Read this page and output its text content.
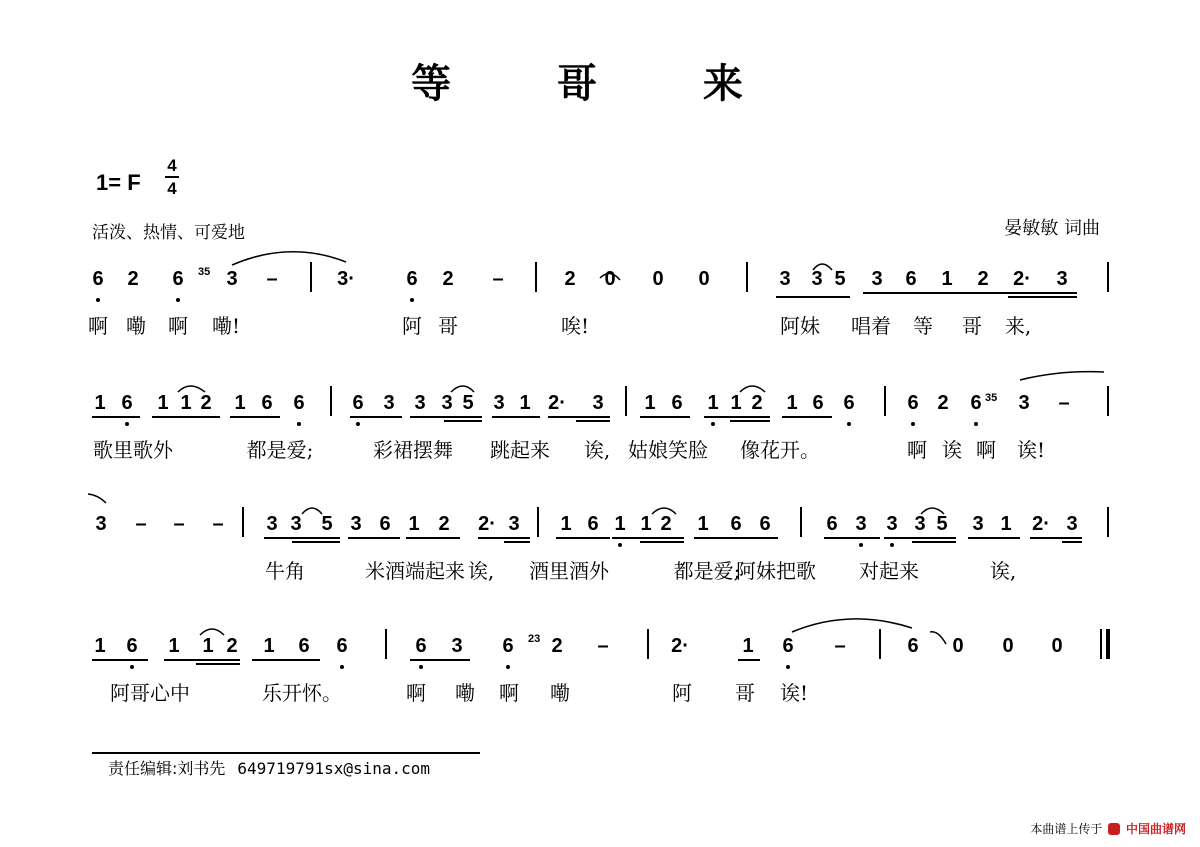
等 哥 来
1= F
4
4
活泼、热情、可爱地	晏敏敏 词曲
6 2 6 3 –	3·	6 2 –	2 0 0 0	3 3 5 3 6 1 2 2· 3
啊 嘞 啊 嘞!	阿 哥	唉!	阿妹 唱着 等 哥 来,
1 6 1 1 2 1 6 6 6 3 3 3 5 3 1 2· 3 1 6 1 1 2 1 6 6	6 2 6 3 –
歌里歌外	都是爱;	彩裙摆舞 跳起来 诶, 姑娘笑脸 像花开。	啊 诶 啊 诶!
3 – – – 3 3 5 3 6 1 2 2· 3 1 6 1 1 2 1 6 6	6 3 3 3 5 3 1 2· 3
牛角	米酒端起来 诶, 酒里酒外	都是爱;
阿妹把歌 对起来	诶,
1 6 1 1 2 1 6 6	6 3 6 2 –	2·	1 6 –	6 0 0 0
阿哥心中	乐开怀。	啊 嘞 啊 嘞	阿 哥 诶!
35
35
23
责任编辑:刘书先 649719791sx@sina.com
本曲谱上传于 中国曲谱网
